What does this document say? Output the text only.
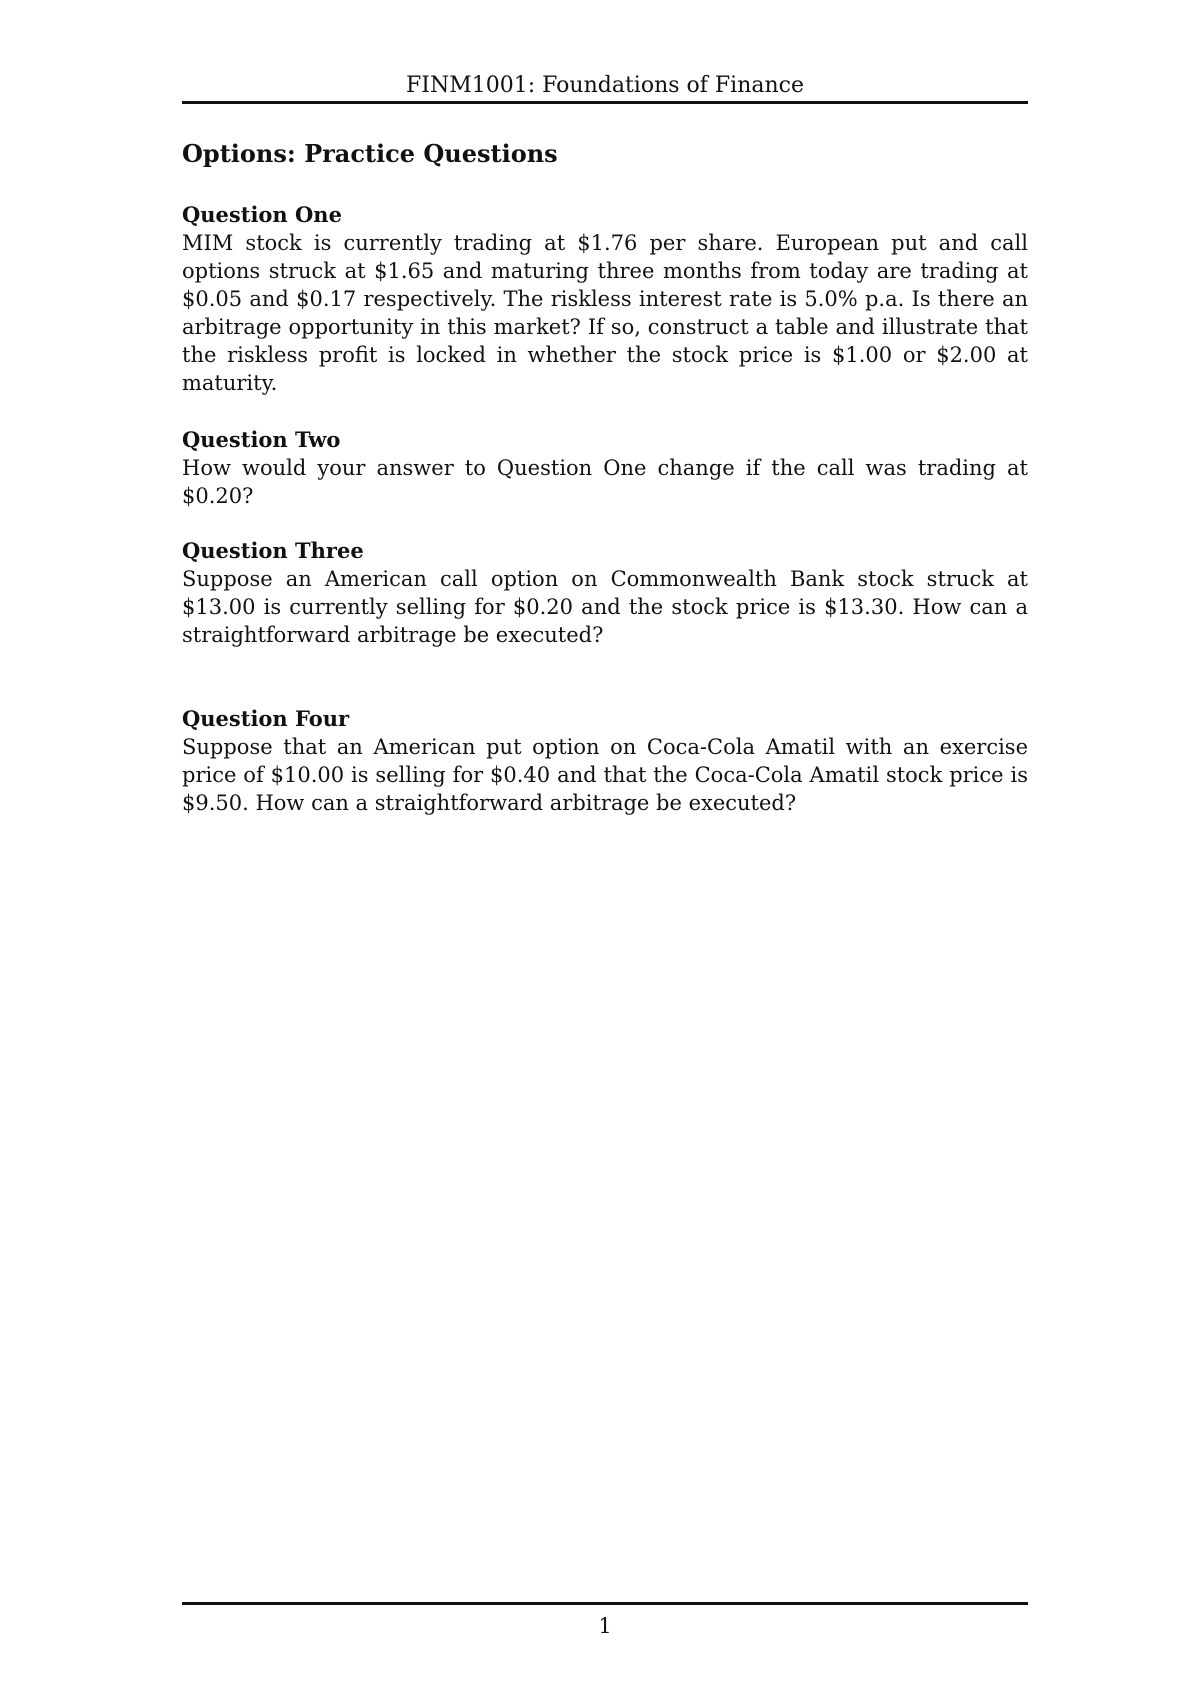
FINM1001: Foundations of Finance
Options: Practice Questions

Question One

MIM stock is currently trading at $1.76 per share. European put and call options struck at $1.65 and maturing three months from today are trading at $0.05 and $0.17 respectively. The riskless interest rate is 5.0% p.a. Is there an arbitrage opportunity in this market? If so, construct a table and illustrate that the riskless profit is locked in whether the stock price is $1.00 or $2.00 at maturity.

Question Two

How would your answer to Question One change if the call was trading at $0.20?

Question Three

Suppose an American call option on Commonwealth Bank stock struck at $13.00 is currently selling for $0.20 and the stock price is $13.30. How can a straightforward arbitrage be executed?

Question Four

Suppose that an American put option on Coca-Cola Amatil with an exercise price of $10.00 is selling for $0.40 and that the Coca-Cola Amatil stock price is $9.50. How can a straightforward arbitrage be executed?

1
